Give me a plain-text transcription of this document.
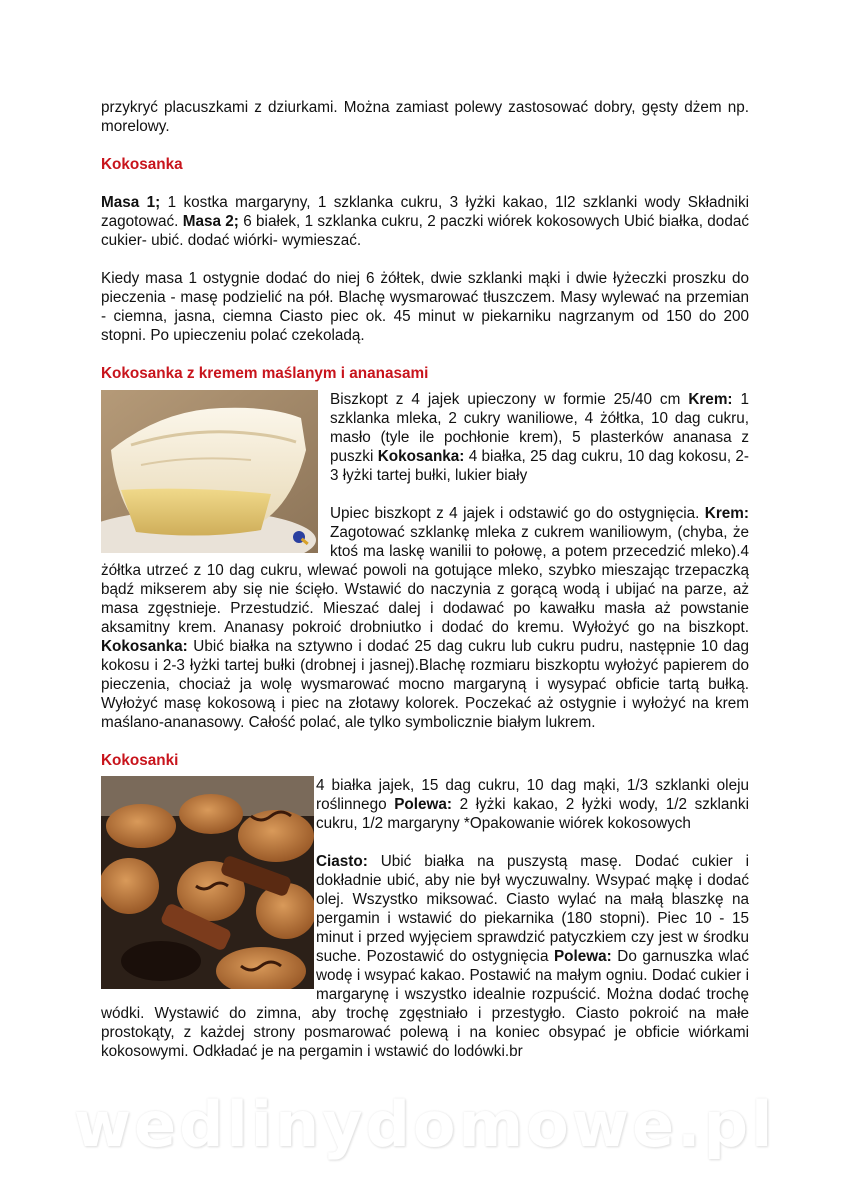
przykryć placuszkami z dziurkami. Można zamiast polewy zastosować dobry, gęsty dżem np. morelowy.

Kokosanka

Masa 1; 1 kostka margaryny, 1 szklanka cukru, 3 łyżki kakao, 1l2 szklanki wody Składniki zagotować. Masa 2; 6 białek, 1 szklanka cukru, 2 paczki wiórek kokosowych Ubić białka, dodać cukier- ubić. dodać wiórki- wymieszać.

Kiedy masa 1 ostygnie dodać do niej 6 żółtek, dwie szklanki mąki i dwie łyżeczki proszku do pieczenia - masę podzielić na pół. Blachę wysmarować tłuszczem. Masy wylewać na przemian - ciemna, jasna, ciemna Ciasto piec ok. 45 minut w piekarniku nagrzanym od 150 do 200 stopni. Po upieczeniu polać czekoladą.

Kokosanka z kremem maślanym i ananasami

Biszkopt z 4 jajek upieczony w formie 25/40 cm Krem: 1 szklanka mleka, 2 cukry waniliowe, 4 żółtka, 10 dag cukru, masło (tyle ile pochłonie krem), 5 plasterków ananasa z puszki Kokosanka: 4 białka, 25 dag cukru, 10 dag kokosu, 2-3 łyżki tartej bułki, lukier biały

Upiec biszkopt z 4 jajek i odstawić go do ostygnięcia. Krem: Zagotować szklankę mleka z cukrem waniliowym, (chyba, że ktoś ma laskę wanilii to połowę, a potem przecedzić mleko).4 żółtka utrzeć z 10 dag cukru, wlewać powoli na gotujące mleko, szybko mieszając trzepaczką bądź mikserem aby się nie ścięło. Wstawić do naczynia z gorącą wodą i ubijać na parze, aż masa zgęstnieje. Przestudzić. Mieszać dalej i dodawać po kawałku masła aż powstanie aksamitny krem. Ananasy pokroić drobniutko i dodać do kremu. Wyłożyć go na biszkopt. Kokosanka: Ubić białka na sztywno i dodać 25 dag cukru lub cukru pudru, następnie 10 dag kokosu i 2-3 łyżki tartej bułki (drobnej i jasnej).Blachę rozmiaru biszkoptu wyłożyć papierem do pieczenia, chociaż ja wolę wysmarować mocno margaryną i wysypać obficie tartą bułką. Wyłożyć masę kokosową i piec na złotawy kolorek. Poczekać aż ostygnie i wyłożyć na krem maślano-ananasowy. Całość polać, ale tylko symbolicznie białym lukrem.

Kokosanki

4 białka jajek, 15 dag cukru, 10 dag mąki, 1/3 szklanki oleju roślinnego Polewa: 2 łyżki kakao, 2 łyżki wody, 1/2 szklanki cukru, 1/2 margaryny *Opakowanie wiórek kokosowych

Ciasto: Ubić białka na puszystą masę. Dodać cukier i dokładnie ubić, aby nie był wyczuwalny. Wsypać mąkę i dodać olej. Wszystko miksować. Ciasto wylać na małą blaszkę na pergamin i wstawić do piekarnika (180 stopni). Piec 10 - 15 minut i przed wyjęciem sprawdzić patyczkiem czy jest w środku suche. Pozostawić do ostygnięcia Polewa: Do garnuszka wlać wodę i wsypać kakao. Postawić na małym ogniu. Dodać cukier i margarynę i wszystko idealnie rozpuścić. Można dodać trochę wódki. Wystawić do zimna, aby trochę zgęstniało i przestygło. Ciasto pokroić na małe prostokąty, z każdej strony posmarować polewą i na koniec obsypać je obficie wiórkami kokosowymi. Odkładać je na pergamin i wstawić do lodówki.br

wedlinydomowe.pl
